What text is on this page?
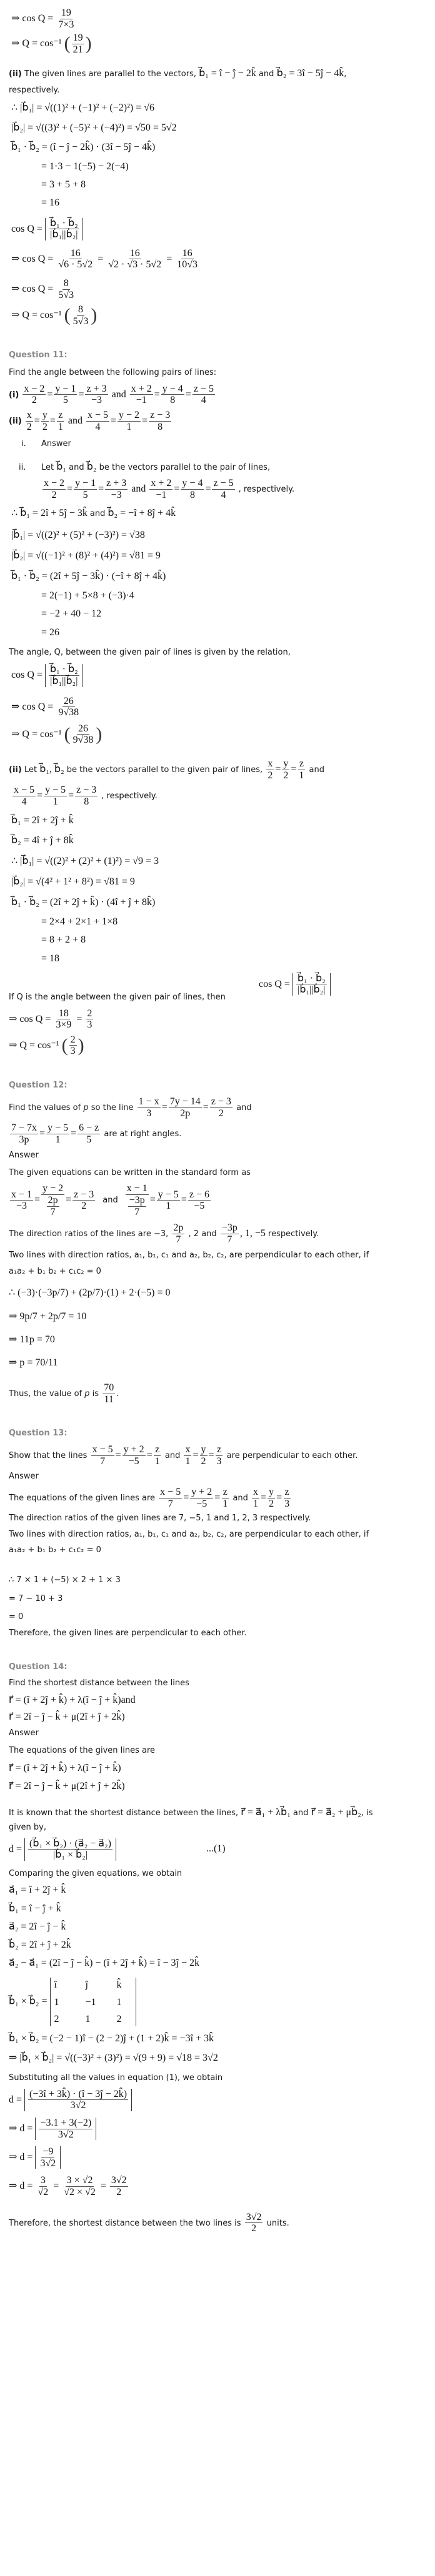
⇒ $\cos Q = \frac{19}{7\times 3}$
⇒ Q = cos⁻¹ ( $\frac{19}{21}$ )

(ii) The given lines are parallel to the vectors, b⃗₁ = î − ĵ − 2k̂ and b⃗₂ = 3î − 5ĵ − 4k̂,

respectively.

∴ |b⃗₁| = √((1)² + (−1)² + (−2)²) = √6
|b⃗₂| = √((3)² + (−5)² + (−4)²) = √50 = 5√2
b⃗₁ · b⃗₂ = (î − ĵ − 2k̂) · (3î − 5ĵ − 4k̂)
= 1·3 − 1(−5) − 2(−4)
= 3 + 5 + 8
= 16
$\cos Q = \frac{\text{b⃗₁ · b⃗₂}}{\text{|b⃗₁||b⃗₂|}}$
⇒ $\cos Q = \frac{16}{√6 \cdot 5√2} = \frac{16}{√2 \cdot √3 \cdot 5√2} = \frac{16}{10√3}$
⇒ $\cos Q = \frac{8}{5√3}$
⇒ Q = cos⁻¹ ( $\frac{8}{5√3}$ )
Question 11:

Find the angle between the following pairs of lines:

$(i) \frac{x - 2}{2} = \frac{y - 1}{5} = \frac{z + 3}{-3}$ and $\frac{x + 2}{-1} = \frac{y - 4}{8} = \frac{z - 5}{4}$
$(ii) \frac{x}{2} = \frac{y}{2} = \frac{z}{1}$ and $\frac{x - 5}{4} = \frac{y - 2}{1} = \frac{z - 3}{8}$
i. Answer
ii. Let b⃗₁ and b⃗₂ be the vectors parallel to the pair of lines,
$\frac{x - 2}{2} = \frac{y - 1}{5} = \frac{z + 3}{-3}$ and $\frac{x + 2}{-1} = \frac{y - 4}{8} = \frac{z - 5}{4}$ , respectively.
∴ b⃗₁ = 2î + 5ĵ − 3k̂ and b⃗₂ = −î + 8ĵ + 4k̂
|b⃗₁| = √((2)² + (5)² + (−3)²) = √38
|b⃗₂| = √((−1)² + (8)² + (4)²) = √81 = 9
b⃗₁ · b⃗₂ = (2î + 5ĵ − 3k̂) · (−î + 8ĵ + 4k̂)
= 2(−1) + 5×8 + (−3)·4
= −2 + 40 − 12
= 26

The angle, Q, between the given pair of lines is given by the relation,

$\cos Q = \frac{\text{b⃗₁ · b⃗₂}}{\text{|b⃗₁||b⃗₂|}}$
⇒ $\cos Q = \frac{26}{9√38}$
⇒ Q = cos⁻¹ ( $\frac{26}{9√38}$ )

(ii) Let b⃗₁, b⃗₂ be the vectors parallel to the given pair of lines, $\frac{x}{2} = \frac{y}{2} = \frac{z}{1}$ and

$\frac{x - 5}{4} = \frac{y - 5}{1} = \frac{z - 3}{8}$ , respectively.
b⃗₁ = 2î + 2ĵ + k̂
b⃗₂ = 4î + ĵ + 8k̂
∴ |b⃗₁| = √((2)² + (2)² + (1)²) = √9 = 3
|b⃗₂| = √(4² + 1² + 8²) = √81 = 9
b⃗₁ · b⃗₂ = (2î + 2ĵ + k̂) · (4î + ĵ + 8k̂)
= 2×4 + 2×1 + 1×8
= 8 + 2 + 8
= 18
$\cos Q = \frac{\text{b⃗₁ · b⃗₂}}{\text{|b⃗₁||b⃗₂|}}$

If Q is the angle between the given pair of lines, then

⇒ $\cos Q = \frac{18}{3\times 9} = \frac{2}{3}$
⇒ Q = cos⁻¹ ( $\frac{2}{3}$ )
Question 12:

Find the values of p so the line $\frac{1 - x}{3} = \frac{7y - 14}{2p} = \frac{z - 3}{2}$ and

$\frac{7 - 7x}{3p} = \frac{y - 5}{1} = \frac{6 - z}{5}$ are at right angles.

Answer

The given equations can be written in the standard form as

$\frac{x - 1}{-3} = \frac{y - 2}{\frac{2p}{7}} = \frac{z - 3}{2}$ and $\frac{x - 1}{\frac{-3p}{7}} = \frac{y - 5}{1} = \frac{z - 6}{-5}$

The direction ratios of the lines are −3, $\frac{2p}{7}$ , 2 and $\frac{-3p}{7}$ , 1, −5 respectively.

Two lines with direction ratios, a₁, b₁, c₁ and a₂, b₂, c₂, are perpendicular to each other, if

a₁a₂ + b₁ b₂ + c₁c₂ = 0

∴ (−3)·(−3p/7) + (2p/7)·(1) + 2·(−5) = 0
⇒ 9p/7 + 2p/7 = 10
⇒ 11p = 70
⇒ p = 70/11

Thus, the value of p is $\frac{70}{11}$ .

Question 13:

Show that the lines $\frac{x - 5}{7} = \frac{y + 2}{-5} = \frac{z}{1}$ and $\frac{x}{1} = \frac{y}{2} = \frac{z}{3}$ are perpendicular to each other.

Answer

The equations of the given lines are $\frac{x - 5}{7} = \frac{y + 2}{-5} = \frac{z}{1}$ and $\frac{x}{1} = \frac{y}{2} = \frac{z}{3}$

The direction ratios of the given lines are 7, −5, 1 and 1, 2, 3 respectively.

Two lines with direction ratios, a₁, b₁, c₁ and a₂, b₂, c₂, are perpendicular to each other, if

a₁a₂ + b₁ b₂ + c₁c₂ = 0

∴ 7 × 1 + (−5) × 2 + 1 × 3

= 7 − 10 + 3

= 0

Therefore, the given lines are perpendicular to each other.

Question 14:

Find the shortest distance between the lines

r⃗ = (î + 2ĵ + k̂) + λ(î − ĵ + k̂)and
r⃗ = 2î − ĵ − k̂ + μ(2î + ĵ + 2k̂)

Answer

The equations of the given lines are

r⃗ = (î + 2ĵ + k̂) + λ(î − ĵ + k̂)
r⃗ = 2î − ĵ − k̂ + μ(2î + ĵ + 2k̂)

It is known that the shortest distance between the lines, r⃗ = a⃗₁ + λb⃗₁ and r⃗ = a⃗₂ + μb⃗₂, is

given by,

$d = \frac{\text{(b⃗₁ × b⃗₂) · (a⃗₂ − a⃗₂)}}{\text{|b⃗₁ × b⃗₂|}}$	...(1)

Comparing the given equations, we obtain

a⃗₁ = î + 2ĵ + k̂
b⃗₁ = î − ĵ + k̂
a⃗₂ = 2î − ĵ − k̂
b⃗₂ = 2î + ĵ + 2k̂
a⃗₂ − a⃗₁ = (2î − ĵ − k̂) − (î + 2ĵ + k̂) = î − 3ĵ − 2k̂
b⃗₁ × b⃗₂ =
î	ĵ	k̂
1	−1	1
2	1	2
b⃗₁ × b⃗₂ = (−2 − 1)î − (2 − 2)ĵ + (1 + 2)k̂ = −3î + 3k̂
⇒ |b⃗₁ × b⃗₂| = √((−3)² + (3)²) = √(9 + 9) = √18 = 3√2

Substituting all the values in equation (1), we obtain

$d = \frac{(-3î + 3k̂) \cdot (î - 3ĵ - 2k̂)}{3√2}$
⇒ $d = \frac{-3.1 + 3(-2)}{3√2}$
⇒ $d = \frac{-9}{3√2}$
⇒ $d = \frac{3}{√2} = \frac{3 \times √2}{√2 \times √2} = \frac{3√2}{2}$

Therefore, the shortest distance between the two lines is $\frac{3√2}{2}$ units.
